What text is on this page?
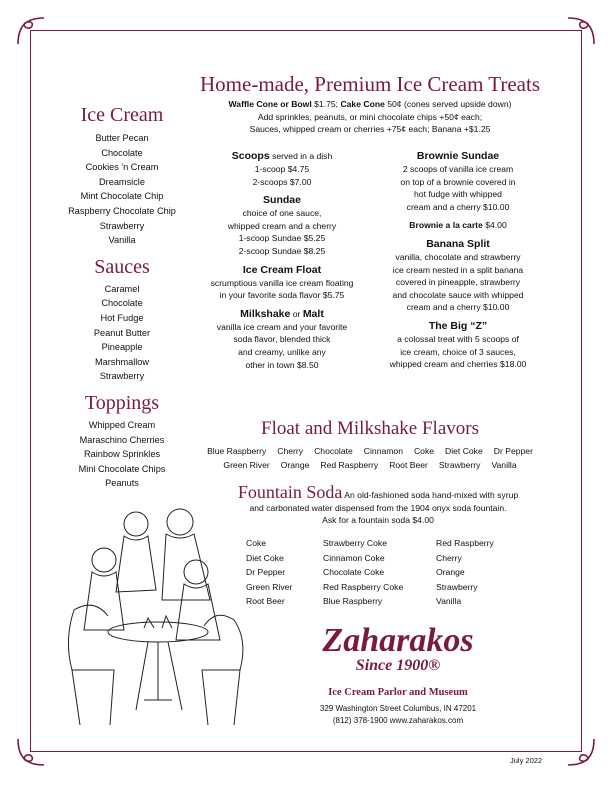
Home-made, Premium Ice Cream Treats
Waffle Cone or Bowl $1.75; Cake Cone 50¢ (cones served upside down)
Add sprinkles, peanuts, or mini chocolate chips +50¢ each;
Sauces, whipped cream or cherries +75¢ each; Banana +$1.25
Ice Cream
Butter Pecan
Chocolate
Cookies 'n Cream
Dreamsicle
Mint Chocolate Chip
Raspberry Chocolate Chip
Strawberry
Vanilla
Sauces
Caramel
Chocolate
Hot Fudge
Peanut Butter
Pineapple
Marshmallow
Strawberry
Toppings
Whipped Cream
Maraschino Cherries
Rainbow Sprinkles
Mini Chocolate Chips
Peanuts
Scoops served in a dish
1-scoop $4.75
2-scoops $7.00
Sundae
choice of one sauce,
whipped cream and a cherry
1-scoop Sundae $5.25
2-scoop Sundae $8.25
Ice Cream Float
scrumptious vanilla ice cream floating
in your favorite soda flavor $5.75
Milkshake or Malt
vanilla ice cream and your favorite
soda flavor, blended thick
and creamy, unlike any
other in town $8.50
Brownie Sundae
2 scoops of vanilla ice cream
on top of a brownie covered in
hot fudge with whipped
cream and a cherry $10.00
Brownie a la carte $4.00
Banana Split
vanilla, chocolate and strawberry
ice cream nested in a split banana
covered in pineapple, strawberry
and chocolate sauce with whipped
cream and a cherry $10.00
The Big “Z”
a colossal treat with 5 scoops of
ice cream, choice of 3 sauces,
whipped cream and cherries $18.00
Float and Milkshake Flavors
Blue Raspberry Cherry Chocolate Cinnamon Coke Diet Coke Dr Pepper
Green River Orange Red Raspberry Root Beer Strawberry Vanilla
Fountain Soda An old-fashioned soda hand-mixed with syrup
and carbonated water dispensed from the 1904 onyx soda fountain.
Ask for a fountain soda $4.00
Coke
Diet Coke
Dr Pepper
Green River
Root Beer
Strawberry Coke
Cinnamon Coke
Chocolate Coke
Red Raspberry Coke
Blue Raspberry
Red Raspberry
Cherry
Orange
Strawberry
Vanilla
Zaharakos
Since 1900®
Ice Cream Parlor and Museum
329 Washington Street Columbus, IN 47201
(812) 378-1900 www.zaharakos.com
July 2022
